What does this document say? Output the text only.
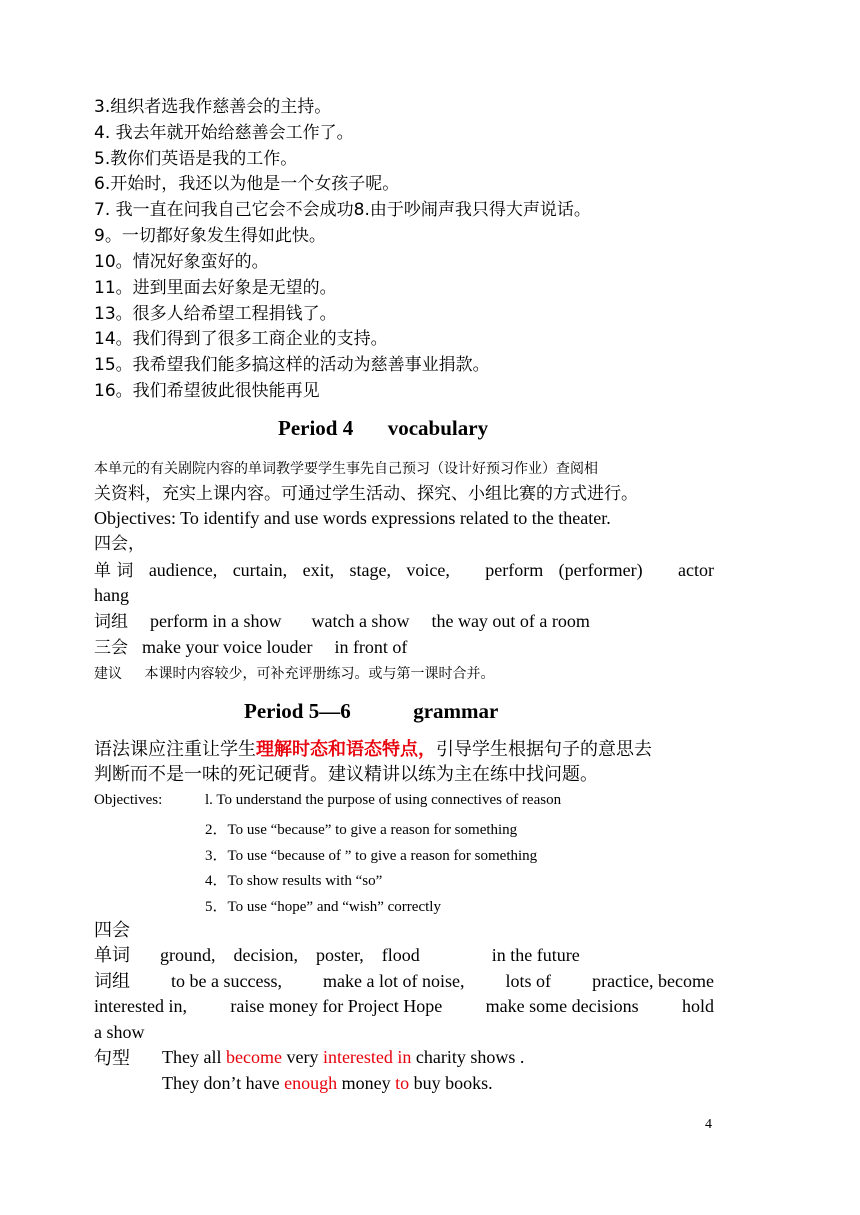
3.组织者选我作慈善会的主持。
4. 我去年就开始给慈善会工作了。
5.教你们英语是我的工作。
6.开始时，我还以为他是一个女孩子呢。
7. 我一直在问我自己它会不会成功8.由于吵闹声我只得大声说话。
9。一切都好象发生得如此快。
10。情况好象蛮好的。
11。进到里面去好象是无望的。
13。很多人给希望工程捐钱了。
14。我们得到了很多工商企业的支持。
15。我希望我们能多搞这样的活动为慈善事业捐款。
16。我们希望彼此很快能再见
Period 4 vocabulary
本单元的有关剧院内容的单词教学要学生事先自己预习（设计好预习作业）查阅相
关资料，充实上课内容。可通过学生活动、探究、小组比赛的方式进行。
Objectives: To identify and use words expressions related to the theater.
四会，
单 词 audience, curtain, exit, stage, voice, perform (performer) actor
hang
词组 perform in a show watch a show the way out of a room
三会 make your voice louder in front of
建议 本课时内容较少，可补充评册练习。或与第一课时合并。
Period 5—6	grammar
语法课应注重让学生理解时态和语态特点，引导学生根据句子的意思去
判断而不是一味的死记硬背。建议精讲以练为主在练中找问题。
Objectives:	l. To understand the purpose of using connectives of reason
2．To use “because” to give a reason for something
3．To use “because of ” to give a reason for something
4．To show results with “so”
5．To use “hope” and “wish” correctly
四会
单词 ground, decision, poster, flood	in the future
词组 to be a success, make a lot of noise, lots of practice, become
interested in, raise money for Project Hope make some decisions hold
a show
句型 They all become very interested in charity shows .
They don’t have enough money to buy books.
4
